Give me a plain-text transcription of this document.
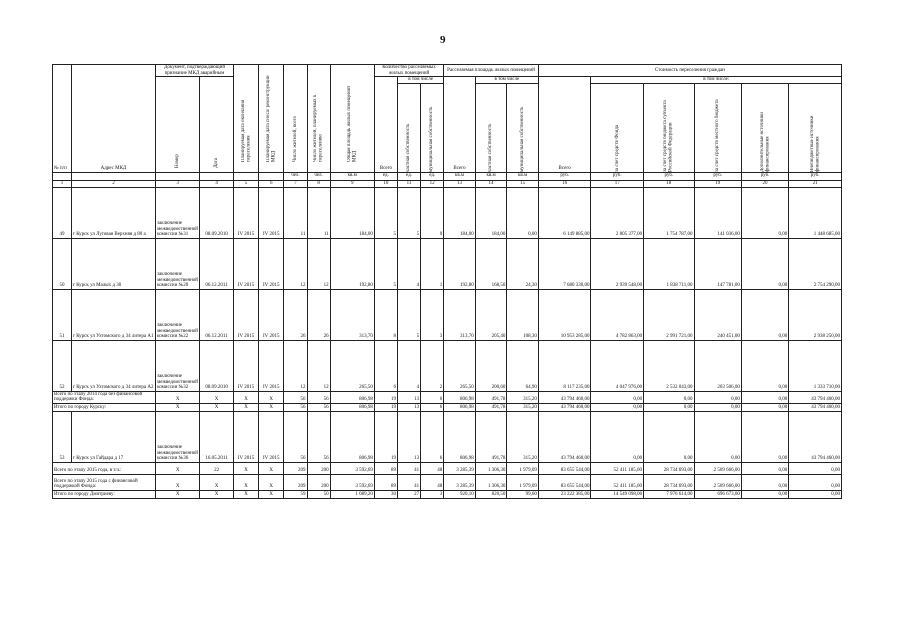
9
№ п/п	Адрес МКД	Документ, подтверждающий признание МКД аварийным		Планируемая дата окончания переселения	Планируемая дата сноса/ реконструкции МКД	Число жителей, всего	Число жителей, планируемых к переселению	Общая площадь жилых помещений МКД	Количество расселяемых жилых помещений			Расселяемая площадь жилых помещений			Стоимость переселения граждан					
		Номер	Дата						Всего	в том числе		Всего	в том числе		Всего	в том числе:				
										частная собственность	муниципальная собственность		частная собственность	муниципальная собственность		за счет средств Фонда	за счет средств бюджета субъекта Российской Федерации	за счет средств местного бюджета	Дополнительные источники финансирования	Внебюджетные источники финансирования
						чел.	чел.	кв.м	ед.	ед.	ед.	кв.м	кв.м	кв.м	руб.	руб.	руб.	руб.	руб.	руб.
1	2	3	4	5	6	7	8	9	10	11	12	13	14	15	16	17	18	19	20	21
49	г Курск ул Луговая Верхняя д 80 а	заключение межведомственной комиссии №31	08.09.2010	IV 2015	IV 2015	11	11	184,00	5	5	0	184,00	184,00	0,00	6 149 885,00	2 805 377,00	1 754 787,00	141 036,00	0,00	1 448 685,00
50	г Курск ул Малых д 30	заключение межведомственной комиссии №20	06.12.2011	IV 2015	IV 2015	12	12	192,80	5	4	1	192,80	168,50	24,30	7 680 330,00	2 939 548,00	1 838 711,00	147 781,00	0,00	2 754 290,00
51	г Курск ул Ухтомского д 34 литера А1	заключение межведомственной комиссии №22	06.12.2011	IV 2015	IV 2015	26	26	313,70	8	5	3	313,70	205,40	108,30	10 953 285,00	4 782 863,00	2 991 721,00	240 451,00	0,00	2 938 250,00
52	г Курск ул Ухтомского д 34 литера А2	заключение межведомственной комиссии №32	08.09.2010	IV 2015	IV 2015	12	12	265,50	6	4	2	265,50	200,60	64,90	8 117 235,00	4 047 976,00	2 532 043,00	203 506,00	0,00	1 333 710,00
Всего по этапу 2014 года без финансовой поддержки Фонда:		X	X	X	X	56	56	806,98	19	13	6	806,98	491,78	315,20	43 794 460,00	0,00	0,00	0,00	0,00	43 794 460,00
Итого по городу Курску:		X	X	X	X	56	56	806,98	19	13	6	806,98	491,78	315,20	43 794 460,00	0,00	0,00	0,00	0,00	43 794 460,00
53	г Курск ул Гайдара д 17	заключение межведомственной комиссии №36	16.05.2011	IV 2015	IV 2015	56	56	806,98	19	13	6	806,98	491,78	315,20	43 794 460,00	0,00	0,00	0,00	0,00	43 794 460,00
Всего по этапу 2015 года, в т.ч.:		X	22	X	X	209	200	3 592,69	89	41	48	3 285,39	1 306,30	1 979,09	83 655 544,00	52 411 185,00	28 734 693,00	2 509 666,00	0,00	0,00
Всего по этапу 2015 года с финансовой поддержкой Фонда:		X	X	X	X	209	200	3 592,69	89	41	48	3 285,39	1 306,30	1 979,09	83 655 544,00	52 411 185,00	28 734 693,00	2 509 666,00	0,00	0,00
Итого по городу Дмитриеву:		X	X	X	X	59	50	1 089,20	30	27	3	920,10	820,50	99,60	23 222 385,00	14 549 098,00	7 976 614,00	696 673,00	0,00	0,00
